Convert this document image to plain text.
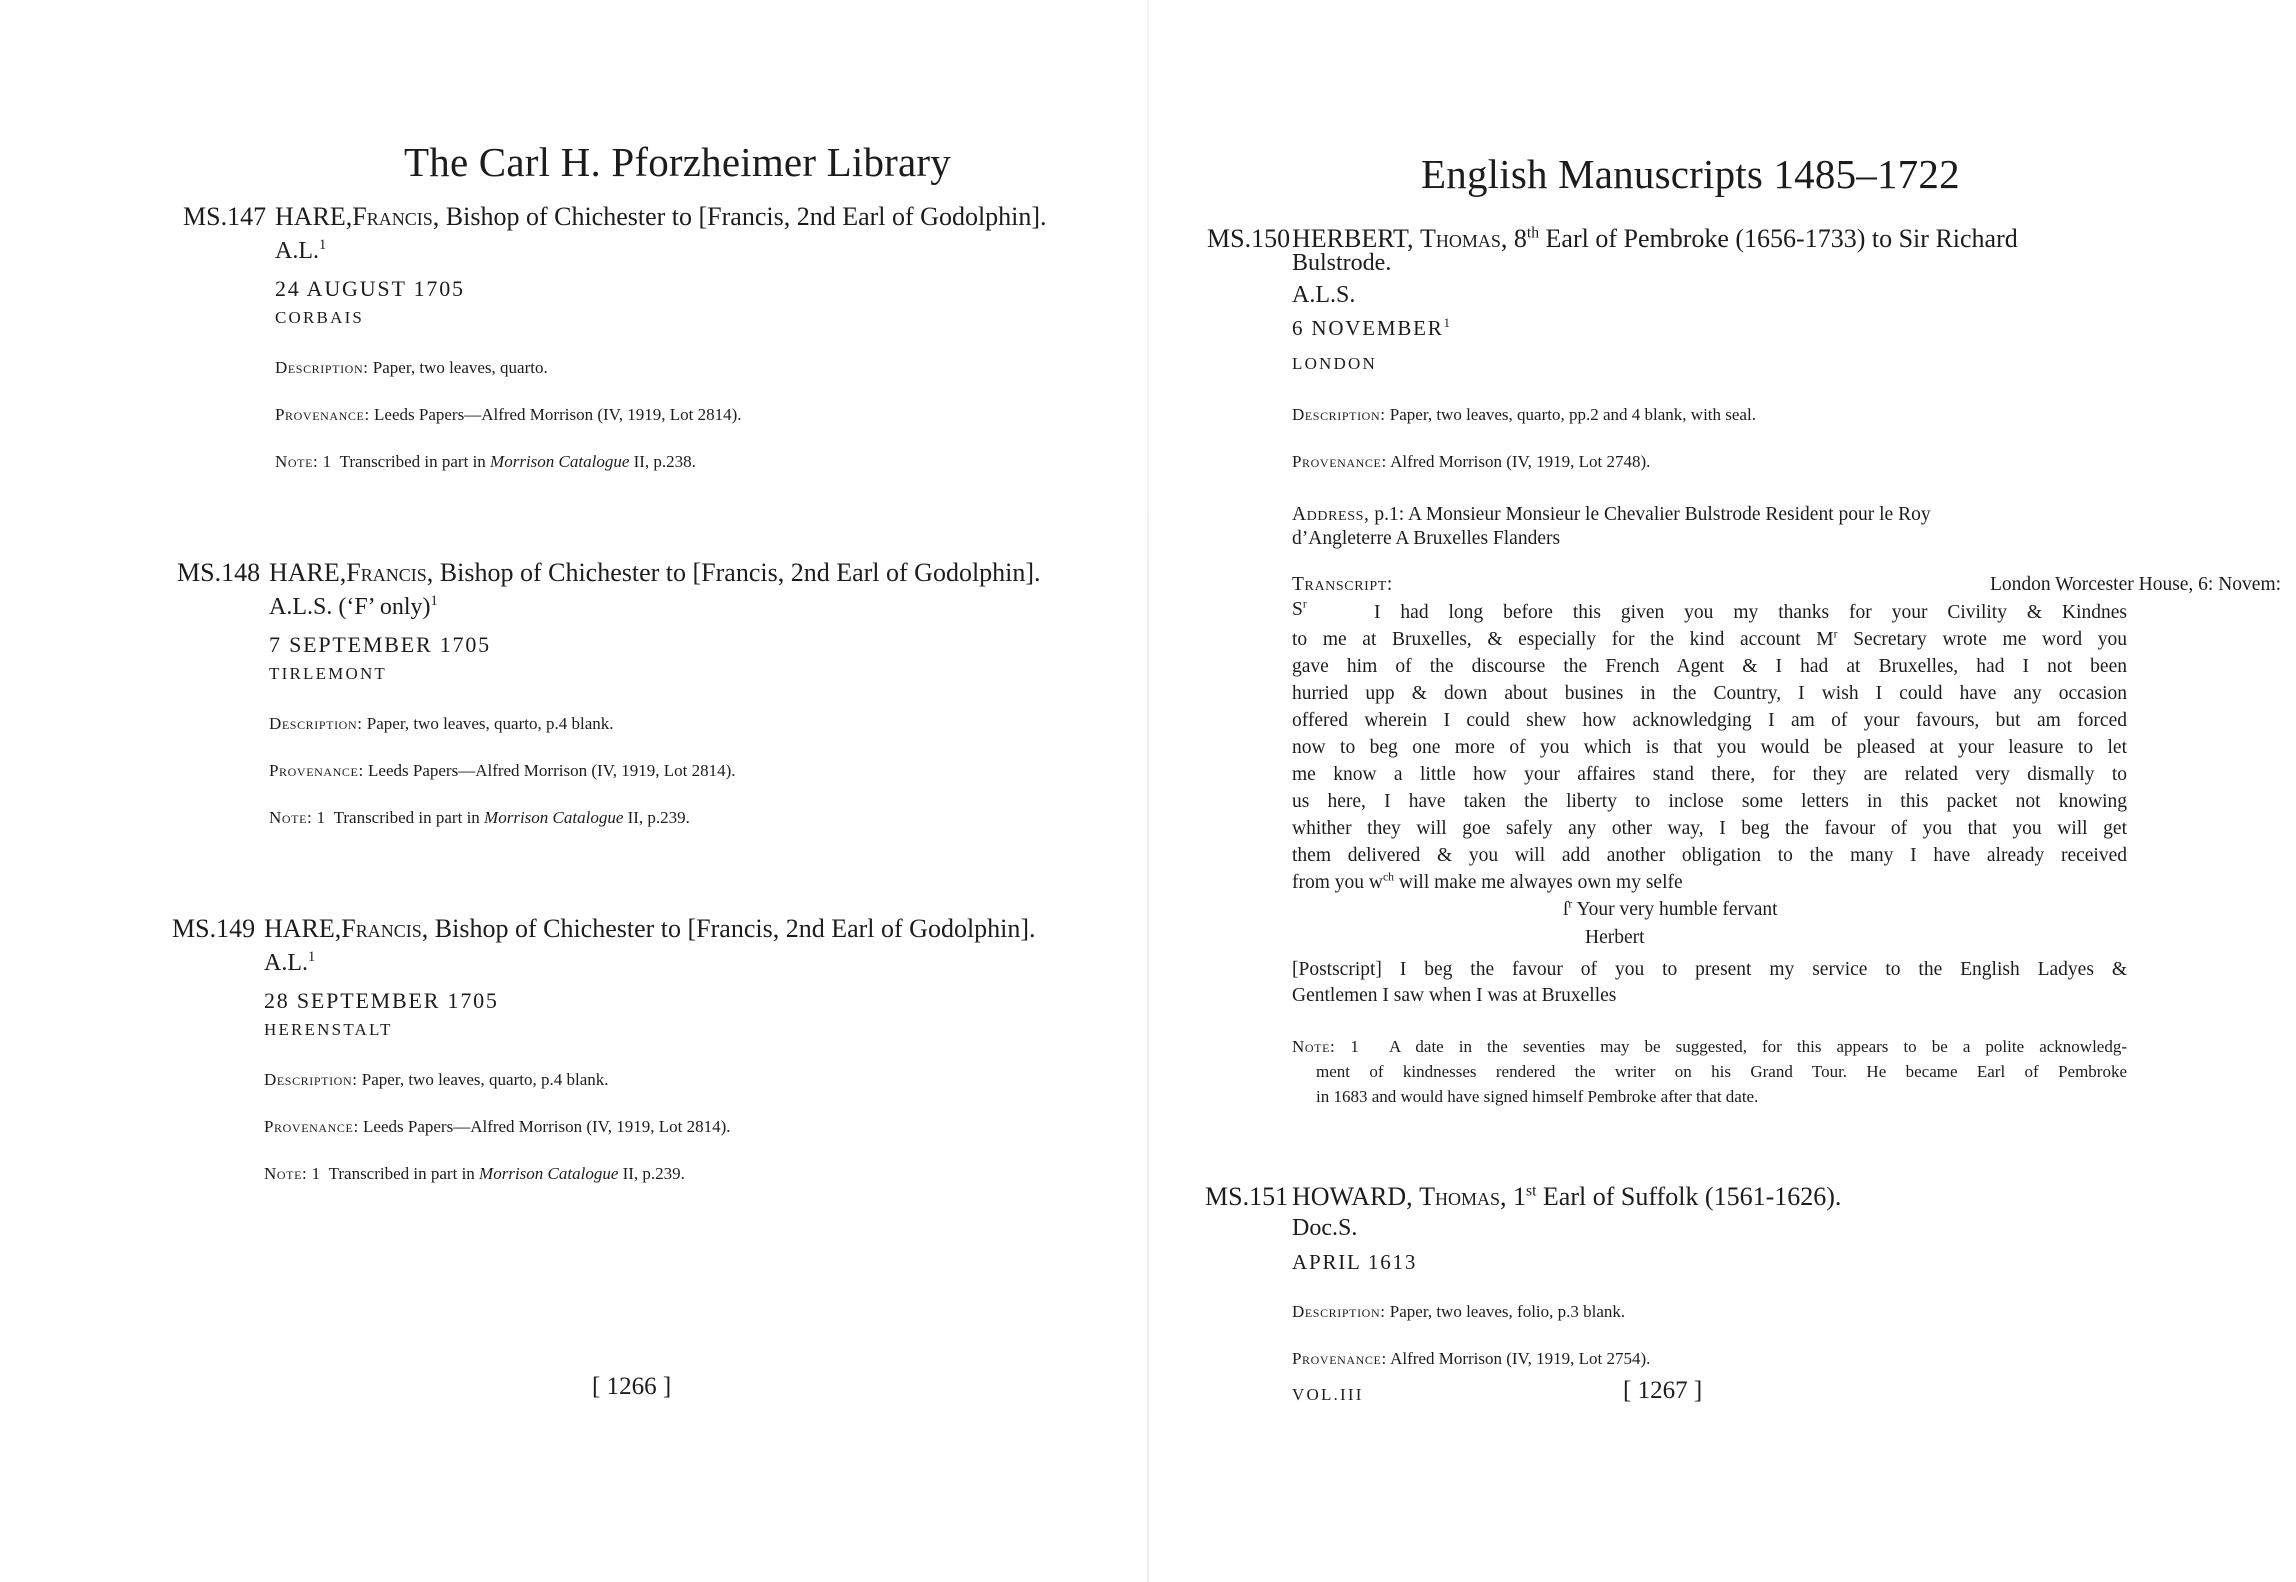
The Carl H. Pforzheimer Library
MS.147 HARE,Francis, Bishop of Chichester to [Francis, 2nd Earl of Godolphin].
A.L.$^1$
24 AUGUST 1705
CORBAIS
Description: Paper, two leaves, quarto.
Provenance: Leeds Papers—Alfred Morrison (IV, 1919, Lot 2814).
Note: 1 Transcribed in part in Morrison Catalogue II, p.238.
MS.148 HARE,Francis, Bishop of Chichester to [Francis, 2nd Earl of Godolphin].
A.L.S. (‘F’ only)$^1$
7 SEPTEMBER 1705
TIRLEMONT
Description: Paper, two leaves, quarto, p.4 blank.
Provenance: Leeds Papers—Alfred Morrison (IV, 1919, Lot 2814).
Note: 1 Transcribed in part in Morrison Catalogue II, p.239.
MS.149 HARE,Francis, Bishop of Chichester to [Francis, 2nd Earl of Godolphin].
A.L.$^1$
28 SEPTEMBER 1705
HERENSTALT
Description: Paper, two leaves, quarto, p.4 blank.
Provenance: Leeds Papers—Alfred Morrison (IV, 1919, Lot 2814).
Note: 1 Transcribed in part in Morrison Catalogue II, p.239.
[ 1266 ]
English Manuscripts 1485–1722
MS.150 HERBERT, Thomas, 8th Earl of Pembroke (1656-1733) to Sir Richard
Bulstrode.
A.L.S.
6 NOVEMBER$^1$
LONDON
Description: Paper, two leaves, quarto, pp.2 and 4 blank, with seal.
Provenance: Alfred Morrison (IV, 1919, Lot 2748).
Address, p.1: A Monsieur Monsieur le Chevalier Bulstrode Resident pour le Roy
d’Angleterre A Bruxelles Flanders
Transcript:	London Worcester House, 6: Novem:
$S^r$	I had long before this given you my thanks for your Civility & Kindnes
to me at Bruxelles, & especially for the kind account $M^r$ Secretary wrote me word you
gave him of the discourse the French Agent & I had at Bruxelles, had I not been
hurried upp & down about busines in the Country, I wish I could have any occasion
offered wherein I could shew how acknowledging I am of your favours, but am forced
now to beg one more of you which is that you would be pleased at your leasure to let
me know a little how your affaires stand there, for they are related very dismally to
us here, I have taken the liberty to inclose some letters in this packet not knowing
whither they will goe safely any other way, I beg the favour of you that you will get
them delivered & you will add another obligation to the many I have already received
from you $w^{ch}$ will make me alwayes own my selfe
$ſ^r$ Your very humble fervant
Herbert
[Postscript] I beg the favour of you to present my service to the English Ladyes &
Gentlemen I saw when I was at Bruxelles
Note: 1 A date in the seventies may be suggested, for this appears to be a polite acknowledg-
ment of kindnesses rendered the writer on his Grand Tour. He became Earl of Pembroke
in 1683 and would have signed himself Pembroke after that date.
MS.151 HOWARD, Thomas, 1st Earl of Suffolk (1561-1626).
Doc.S.
APRIL 1613
Description: Paper, two leaves, folio, p.3 blank.
Provenance: Alfred Morrison (IV, 1919, Lot 2754).
VOL.III	[ 1267 ]
